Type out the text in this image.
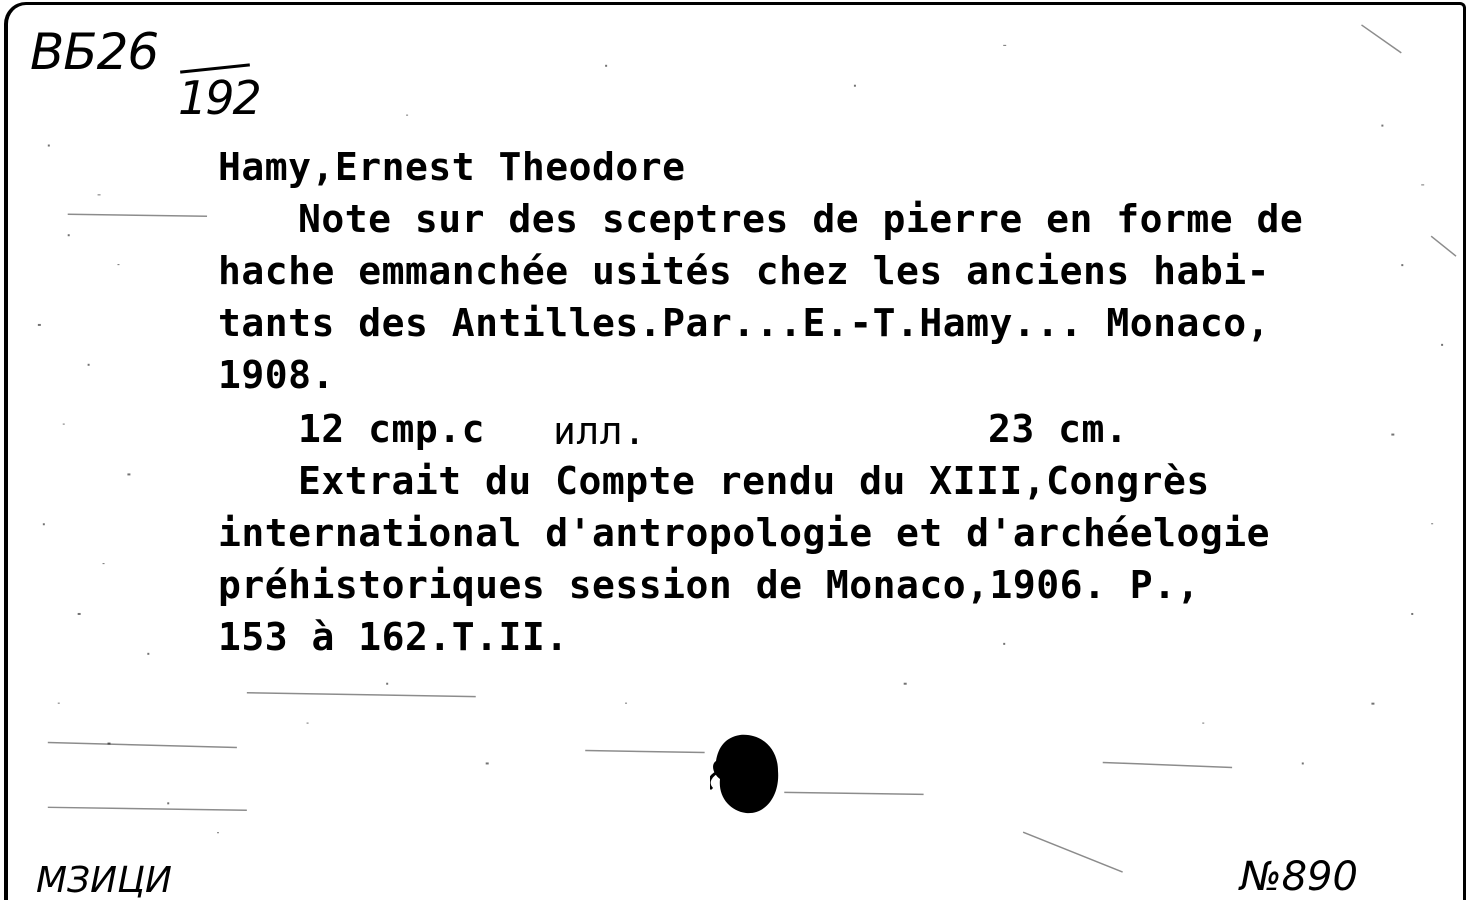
ВБ26
192
Hamy,Ernest Theodore
Note sur des sceptres de pierre en forme de
hache emmanchée usités chez les anciens habi-
tants des Antilles.Par...E.-T.Hamy... Monaco,
1908.
12 cmp.c илл.	23 cm.
Extrait du Compte rendu du XIII,Congrès
international d'antropologie et d'archéelogie
préhistoriques session de Monaco,1906. P.,
153 à 162.T.II.
МЗИЦИ	№890
